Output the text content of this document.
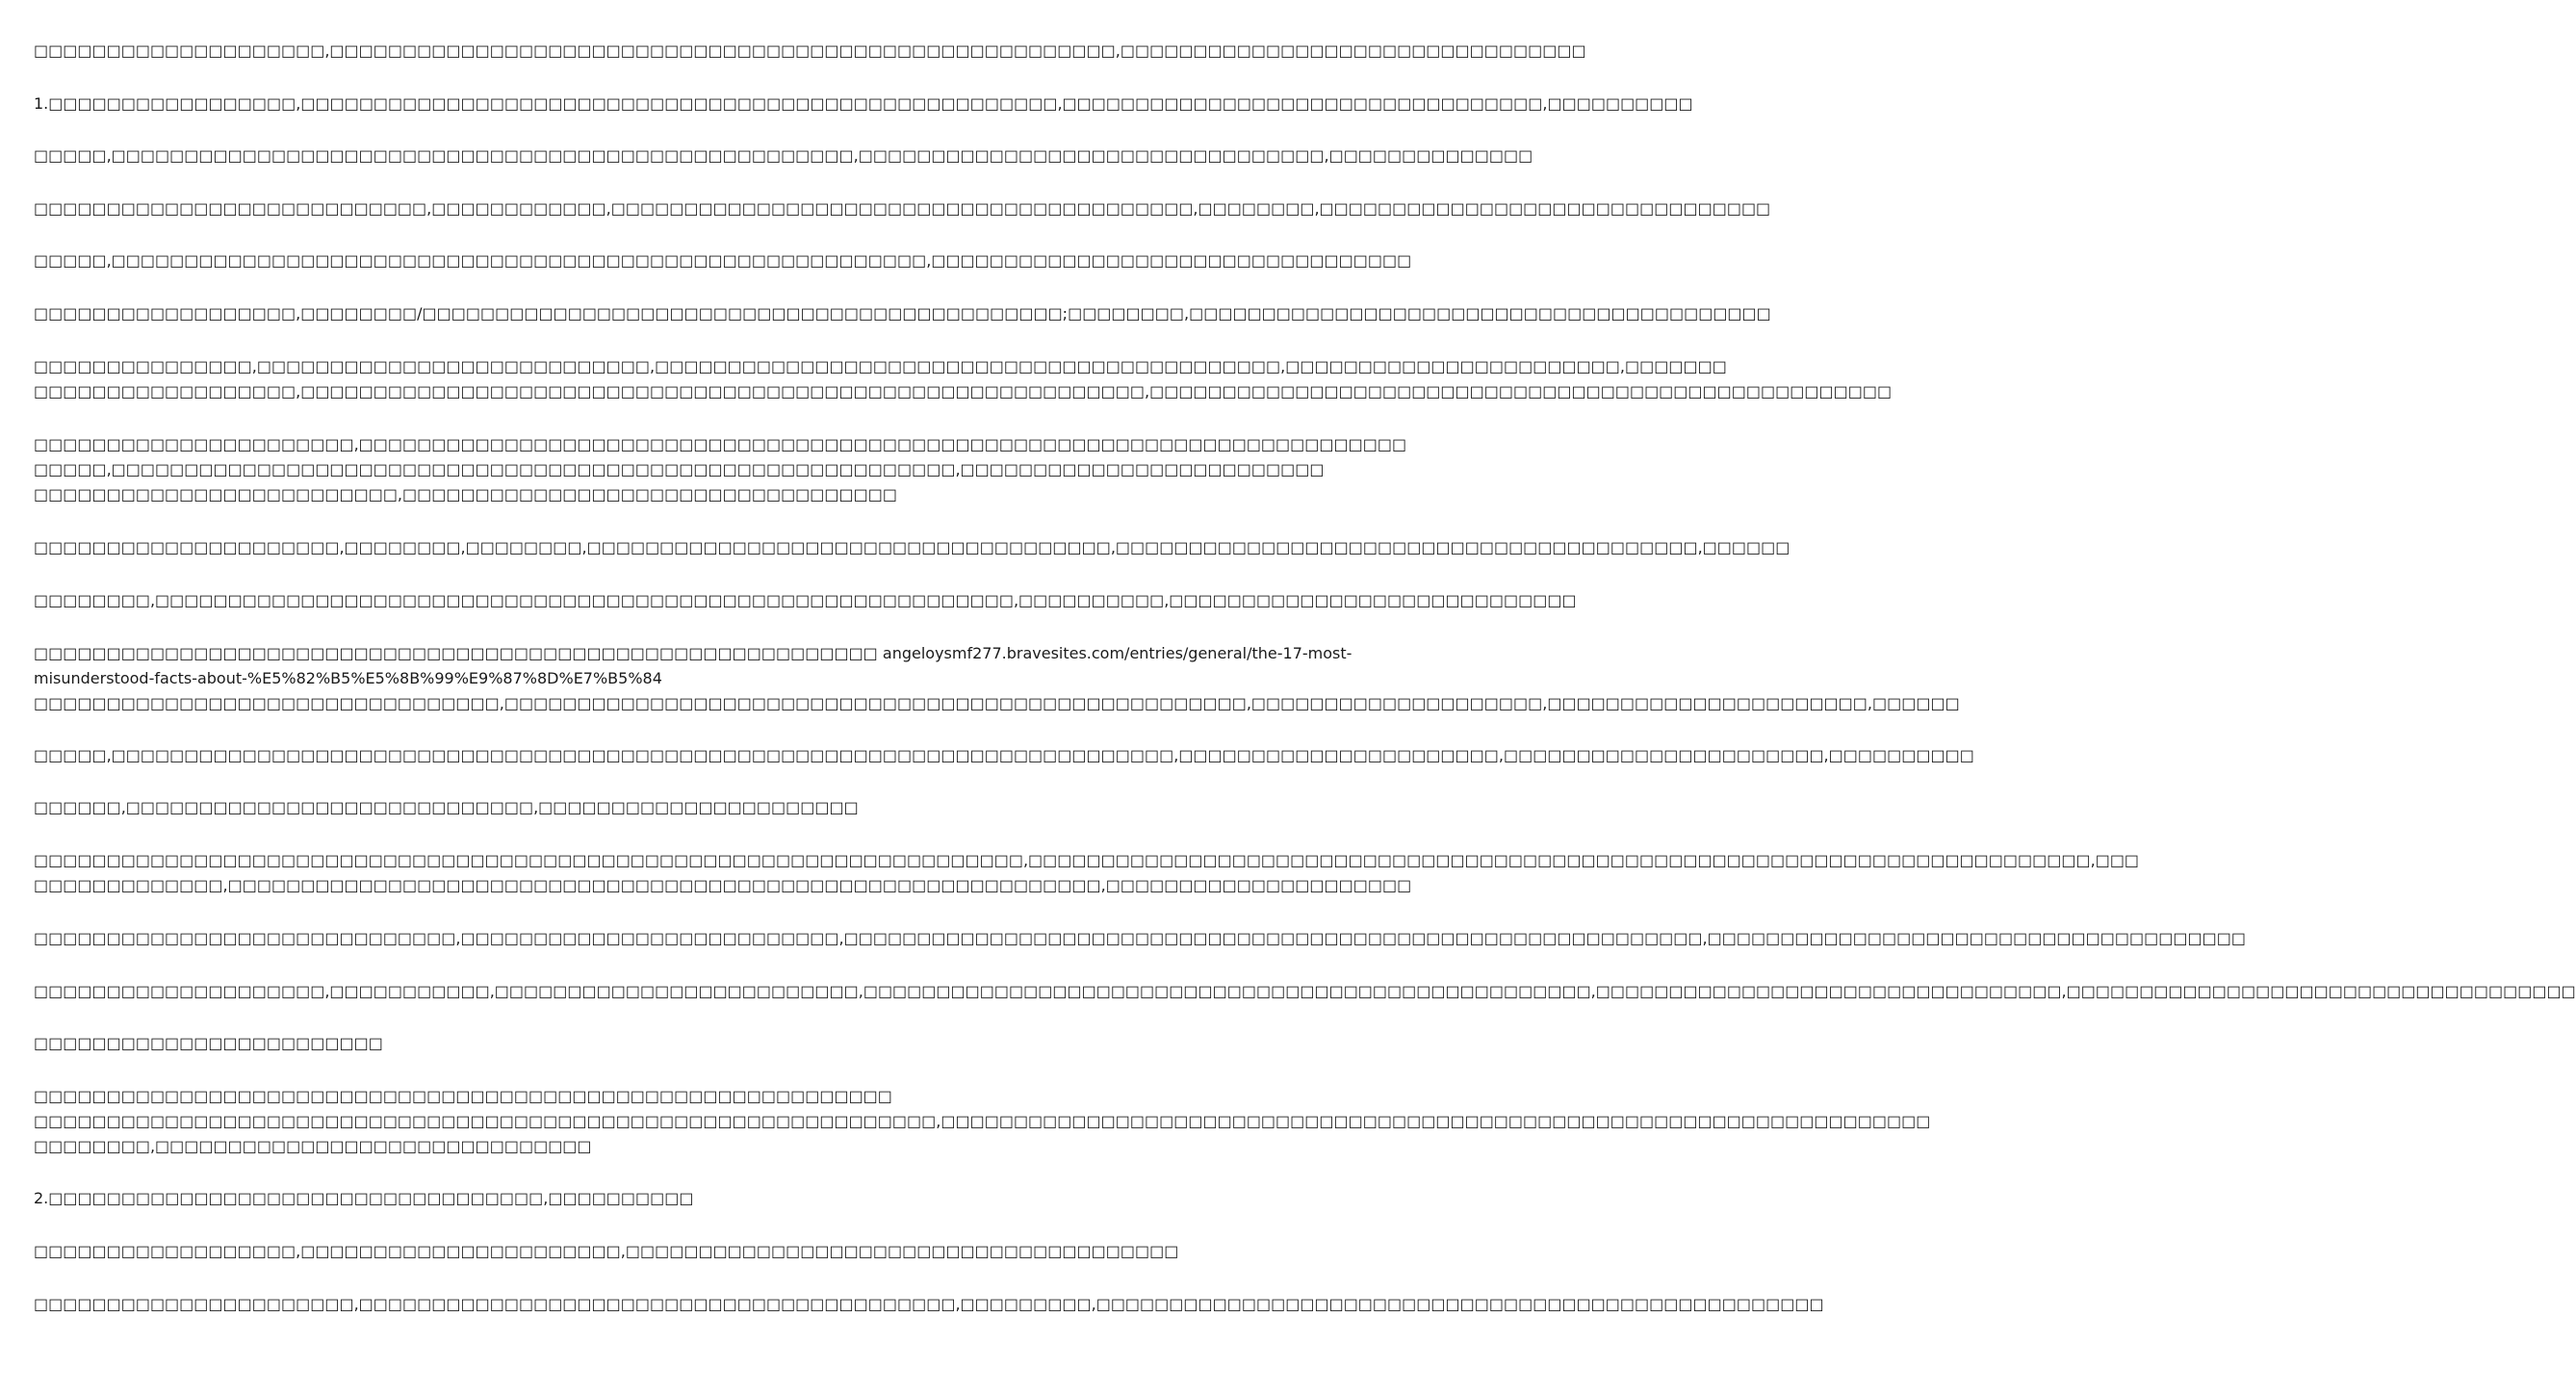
□□□□□□□□□□□□□□□□□□□□,□□□□□□□□□□□□□□□□□□□□□□□□□□□□□□□□□□□□□□□□□□□□□□□□□□□□□□,□□□□□□□□□□□□□□□□□□□□□□□□□□□□□□□□

1.□□□□□□□□□□□□□□□□□,□□□□□□□□□□□□□□□□□□□□□□□□□□□□□□□□□□□□□□□□□□□□□□□□□□□□,□□□□□□□□□□□□□□□□□□□□□□□□□□□□□□□□□,□□□□□□□□□□

□□□□□,□□□□□□□□□□□□□□□□□□□□□□□□□□□□□□□□□□□□□□□□□□□□□□□□□□□,□□□□□□□□□□□□□□□□□□□□□□□□□□□□□□□□,□□□□□□□□□□□□□□

□□□□□□□□□□□□□□□□□□□□□□□□□□□,□□□□□□□□□□□□,□□□□□□□□□□□□□□□□□□□□□□□□□□□□□□□□□□□□□□□□,□□□□□□□□,□□□□□□□□□□□□□□□□□□□□□□□□□□□□□□□

□□□□□,□□□□□□□□□□□□□□□□□□□□□□□□□□□□□□□□□□□□□□□□□□□□□□□□□□□□□□□□,□□□□□□□□□□□□□□□□□□□□□□□□□□□□□□□□□

□□□□□□□□□□□□□□□□□□,□□□□□□□□/□□□□□□□□□□□□□□□□□□□□□□□□□□□□□□□□□□□□□□□□□□□□;□□□□□□□□,□□□□□□□□□□□□□□□□□□□□□□□□□□□□□□□□□□□□□□□□

□□□□□□□□□□□□□□□,□□□□□□□□□□□□□□□□□□□□□□□□□□□,□□□□□□□□□□□□□□□□□□□□□□□□□□□□□□□□□□□□□□□□□□□,□□□□□□□□□□□□□□□□□□□□□□□,□□□□□□□
□□□□□□□□□□□□□□□□□□,□□□□□□□□□□□□□□□□□□□□□□□□□□□□□□□□□□□□□□□□□□□□□□□□□□□□□□□□□□,□□□□□□□□□□□□□□□□□□□□□□□□□□□□□□□□□□□□□□□□□□□□□□□□□□□

□□□□□□□□□□□□□□□□□□□□□□,□□□□□□□□□□□□□□□□□□□□□□□□□□□□□□□□□□□□□□□□□□□□□□□□□□□□□□□□□□□□□□□□□□□□□□□□
□□□□□,□□□□□□□□□□□□□□□□□□□□□□□□□□□□□□□□□□□□□□□□□□□□□□□□□□□□□□□□□□,□□□□□□□□□□□□□□□□□□□□□□□□□
□□□□□□□□□□□□□□□□□□□□□□□□□,□□□□□□□□□□□□□□□□□□□□□□□□□□□□□□□□□□

□□□□□□□□□□□□□□□□□□□□□,□□□□□□□□,□□□□□□□□,□□□□□□□□□□□□□□□□□□□□□□□□□□□□□□□□□□□□,□□□□□□□□□□□□□□□□□□□□□□□□□□□□□□□□□□□□□□□□,□□□□□□

□□□□□□□□,□□□□□□□□□□□□□□□□□□□□□□□□□□□□□□□□□□□□□□□□□□□□□□□□□□□□□□□□□□□,□□□□□□□□□□,□□□□□□□□□□□□□□□□□□□□□□□□□□□□

□□□□□□□□□□□□□□□□□□□□□□□□□□□□□□□□□□□□□□□□□□□□□□□□□□□□□□□□□□ angeloysmf277.bravesites.com/entries/general/the-17-most-
misunderstood-facts-about-%E5%82%B5%E5%8B%99%E9%87%8D%E7%B5%84
□□□□□□□□□□□□□□□□□□□□□□□□□□□□□□□□,□□□□□□□□□□□□□□□□□□□□□□□□□□□□□□□□□□□□□□□□□□□□□□□□□□□,□□□□□□□□□□□□□□□□□□□□,□□□□□□□□□□□□□□□□□□□□□□,□□□□□□

□□□□□,□□□□□□□□□□□□□□□□□□□□□□□□□□□□□□□□□□□□□□□□□□□□□□□□□□□□□□□□□□□□□□□□□□□□□□□□□,□□□□□□□□□□□□□□□□□□□□□□,□□□□□□□□□□□□□□□□□□□□□□,□□□□□□□□□□

□□□□□□,□□□□□□□□□□□□□□□□□□□□□□□□□□□□,□□□□□□□□□□□□□□□□□□□□□□

□□□□□□□□□□□□□□□□□□□□□□□□□□□□□□□□□□□□□□□□□□□□□□□□□□□□□□□□□□□□□□□□□□□□,□□□□□□□□□□□□□□□□□□□□□□□□□□□□□□□□□□□□□□□□□□□□□□□□□□□□□□□□□□□□□□□□□□□□□□□□□,□□□
□□□□□□□□□□□□□,□□□□□□□□□□□□□□□□□□□□□□□□□□□□□□□□□□□□□□□□□□□□□□□□□□□□□□□□□□□□,□□□□□□□□□□□□□□□□□□□□□

□□□□□□□□□□□□□□□□□□□□□□□□□□□□□,□□□□□□□□□□□□□□□□□□□□□□□□□□,□□□□□□□□□□□□□□□□□□□□□□□□□□□□□□□□□□□□□□□□□□□□□□□□□□□□□□□□□□□,□□□□□□□□□□□□□□□□□□□□□□□□□□□□□□□□□□□□□

□□□□□□□□□□□□□□□□□□□□,□□□□□□□□□□□,□□□□□□□□□□□□□□□□□□□□□□□□□,□□□□□□□□□□□□□□□□□□□□□□□□□□□□□□□□□□□□□□□□□□□□□□□□□□,□□□□□□□□□□□□□□□□□□□□□□□□□□□□□□□□,□□□□□□□□□□□□□□□□□□□□□□□□□□□□□□□□□□□

□□□□□□□□□□□□□□□□□□□□□□□□

□□□□□□□□□□□□□□□□□□□□□□□□□□□□□□□□□□□□□□□□□□□□□□□□□□□□□□□□□□□
□□□□□□□□□□□□□□□□□□□□□□□□□□□□□□□□□□□□□□□□□□□□□□□□□□□□□□□□□□□□□□,□□□□□□□□□□□□□□□□□□□□□□□□□□□□□□□□□□□□□□□□□□□□□□□□□□□□□□□□□□□□□□□□□□□□
□□□□□□□□,□□□□□□□□□□□□□□□□□□□□□□□□□□□□□□

2.□□□□□□□□□□□□□□□□□□□□□□□□□□□□□□□□□□,□□□□□□□□□□

□□□□□□□□□□□□□□□□□□,□□□□□□□□□□□□□□□□□□□□□□,□□□□□□□□□□□□□□□□□□□□□□□□□□□□□□□□□□□□□□

□□□□□□□□□□□□□□□□□□□□□□,□□□□□□□□□□□□□□□□□□□□□□□□□□□□□□□□□□□□□□□□□,□□□□□□□□□,□□□□□□□□□□□□□□□□□□□□□□□□□□□□□□□□□□□□□□□□□□□□□□□□□□
